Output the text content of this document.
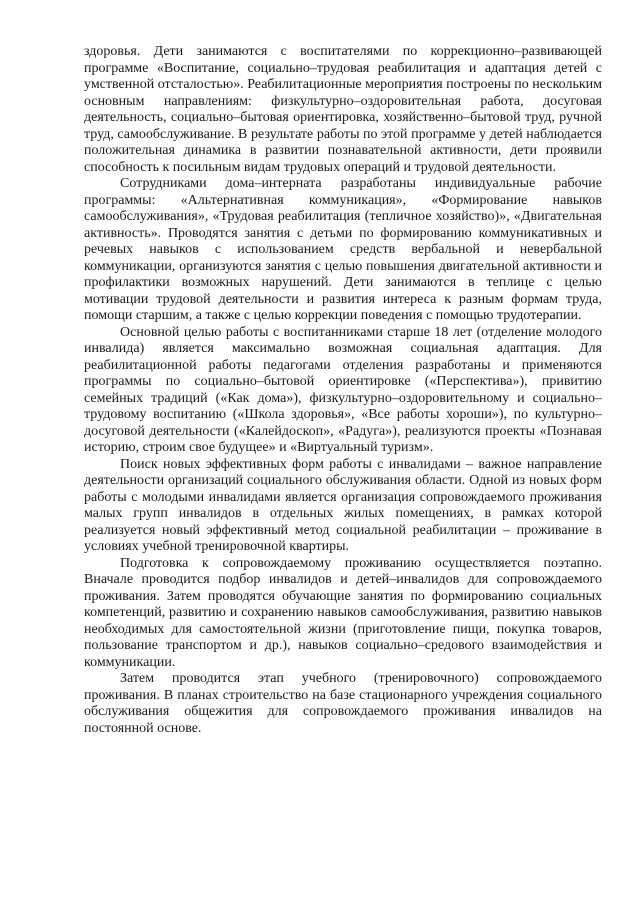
здоровья. Дети занимаются с воспитателями по коррекционно–развивающей программе «Воспитание, социально–трудовая реабилитация и адаптация детей с умственной отсталостью». Реабилитационные мероприятия построены по нескольким основным направлениям: физкультурно–оздоровительная работа, досуговая деятельность, социально–бытовая ориентировка, хозяйственно–бытовой труд, ручной труд, самообслуживание. В результате работы по этой программе у детей наблюдается положительная динамика в развитии познавательной активности, дети проявили способность к посильным видам трудовых операций и трудовой деятельности.

Сотрудниками дома–интерната разработаны индивидуальные рабочие программы: «Альтернативная коммуникация», «Формирование навыков самообслуживания», «Трудовая реабилитация (тепличное хозяйство)», «Двигательная активность». Проводятся занятия с детьми по формированию коммуникативных и речевых навыков с использованием средств вербальной и невербальной коммуникации, организуются занятия с целью повышения двигательной активности и профилактики возможных нарушений. Дети занимаются в теплице с целью мотивации трудовой деятельности и развития интереса к разным формам труда, помощи старшим, а также с целью коррекции поведения с помощью трудотерапии.

Основной целью работы с воспитанниками старше 18 лет (отделение молодого инвалида) является максимально возможная социальная адаптация. Для реабилитационной работы педагогами отделения разработаны и применяются программы по социально–бытовой ориентировке («Перспектива»), привитию семейных традиций («Как дома»), физкультурно–оздоровительному и социально–трудовому воспитанию («Школа здоровья», «Все работы хороши»), по культурно–досуговой деятельности («Калейдоскоп», «Радуга»), реализуются проекты «Познавая историю, строим свое будущее» и «Виртуальный туризм».

Поиск новых эффективных форм работы с инвалидами – важное направление деятельности организаций социального обслуживания области. Одной из новых форм работы с молодыми инвалидами является организация сопровождаемого проживания малых групп инвалидов в отдельных жилых помещениях, в рамках которой реализуется новый эффективный метод социальной реабилитации – проживание в условиях учебной тренировочной квартиры.

Подготовка к сопровождаемому проживанию осуществляется поэтапно. Вначале проводится подбор инвалидов и детей–инвалидов для сопровождаемого проживания. Затем проводятся обучающие занятия по формированию социальных компетенций, развитию и сохранению навыков самообслуживания, развитию навыков необходимых для самостоятельной жизни (приготовление пищи, покупка товаров, пользование транспортом и др.), навыков социально–средового взаимодействия и коммуникации.

Затем проводится этап учебного (тренировочного) сопровождаемого проживания. В планах строительство на базе стационарного учреждения социального обслуживания общежития для сопровождаемого проживания инвалидов на постоянной основе.
